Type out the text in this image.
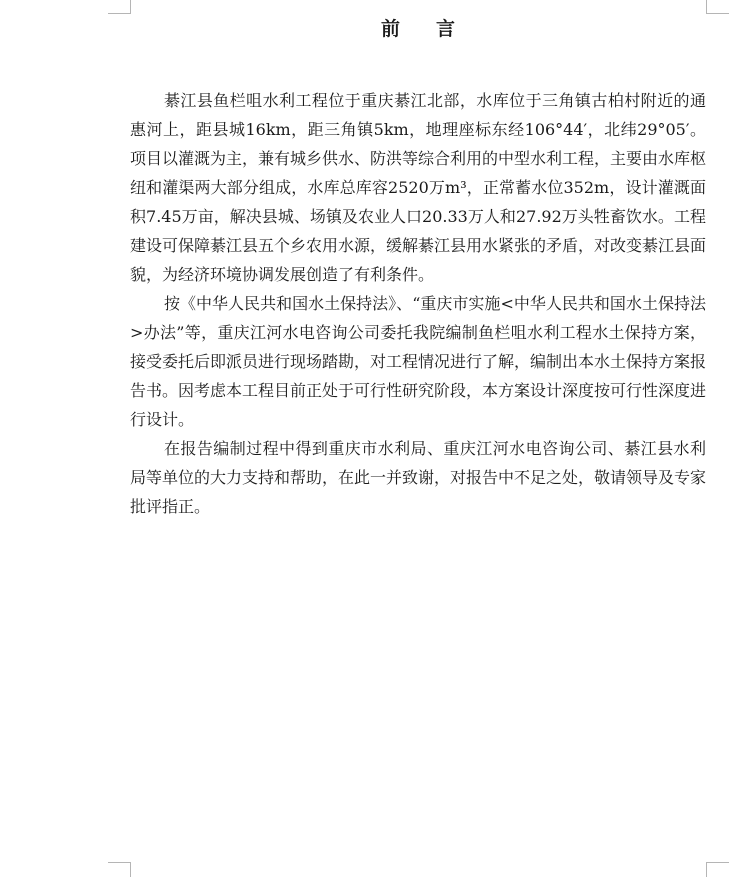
前言

綦江县鱼栏咀水利工程位于重庆綦江北部，水库位于三角镇古柏村附近的通惠河上，距县城16km，距三角镇5km，地理座标东经106°44′，北纬29°05′。项目以灌溉为主，兼有城乡供水、防洪等综合利用的中型水利工程，主要由水库枢纽和灌渠两大部分组成，水库总库容2520万m³，正常蓄水位352m，设计灌溉面积7.45万亩，解决县城、场镇及农业人口20.33万人和27.92万头牲畜饮水。工程建设可保障綦江县五个乡农用水源，缓解綦江县用水紧张的矛盾，对改变綦江县面貌，为经济环境协调发展创造了有利条件。

按《中华人民共和国水土保持法》、“重庆市实施<中华人民共和国水土保持法>办法”等，重庆江河水电咨询公司委托我院编制鱼栏咀水利工程水土保持方案，接受委托后即派员进行现场踏勘，对工程情况进行了解，编制出本水土保持方案报告书。因考虑本工程目前正处于可行性研究阶段，本方案设计深度按可行性深度进行设计。

在报告编制过程中得到重庆市水利局、重庆江河水电咨询公司、綦江县水利局等单位的大力支持和帮助，在此一并致谢，对报告中不足之处，敬请领导及专家批评指正。
